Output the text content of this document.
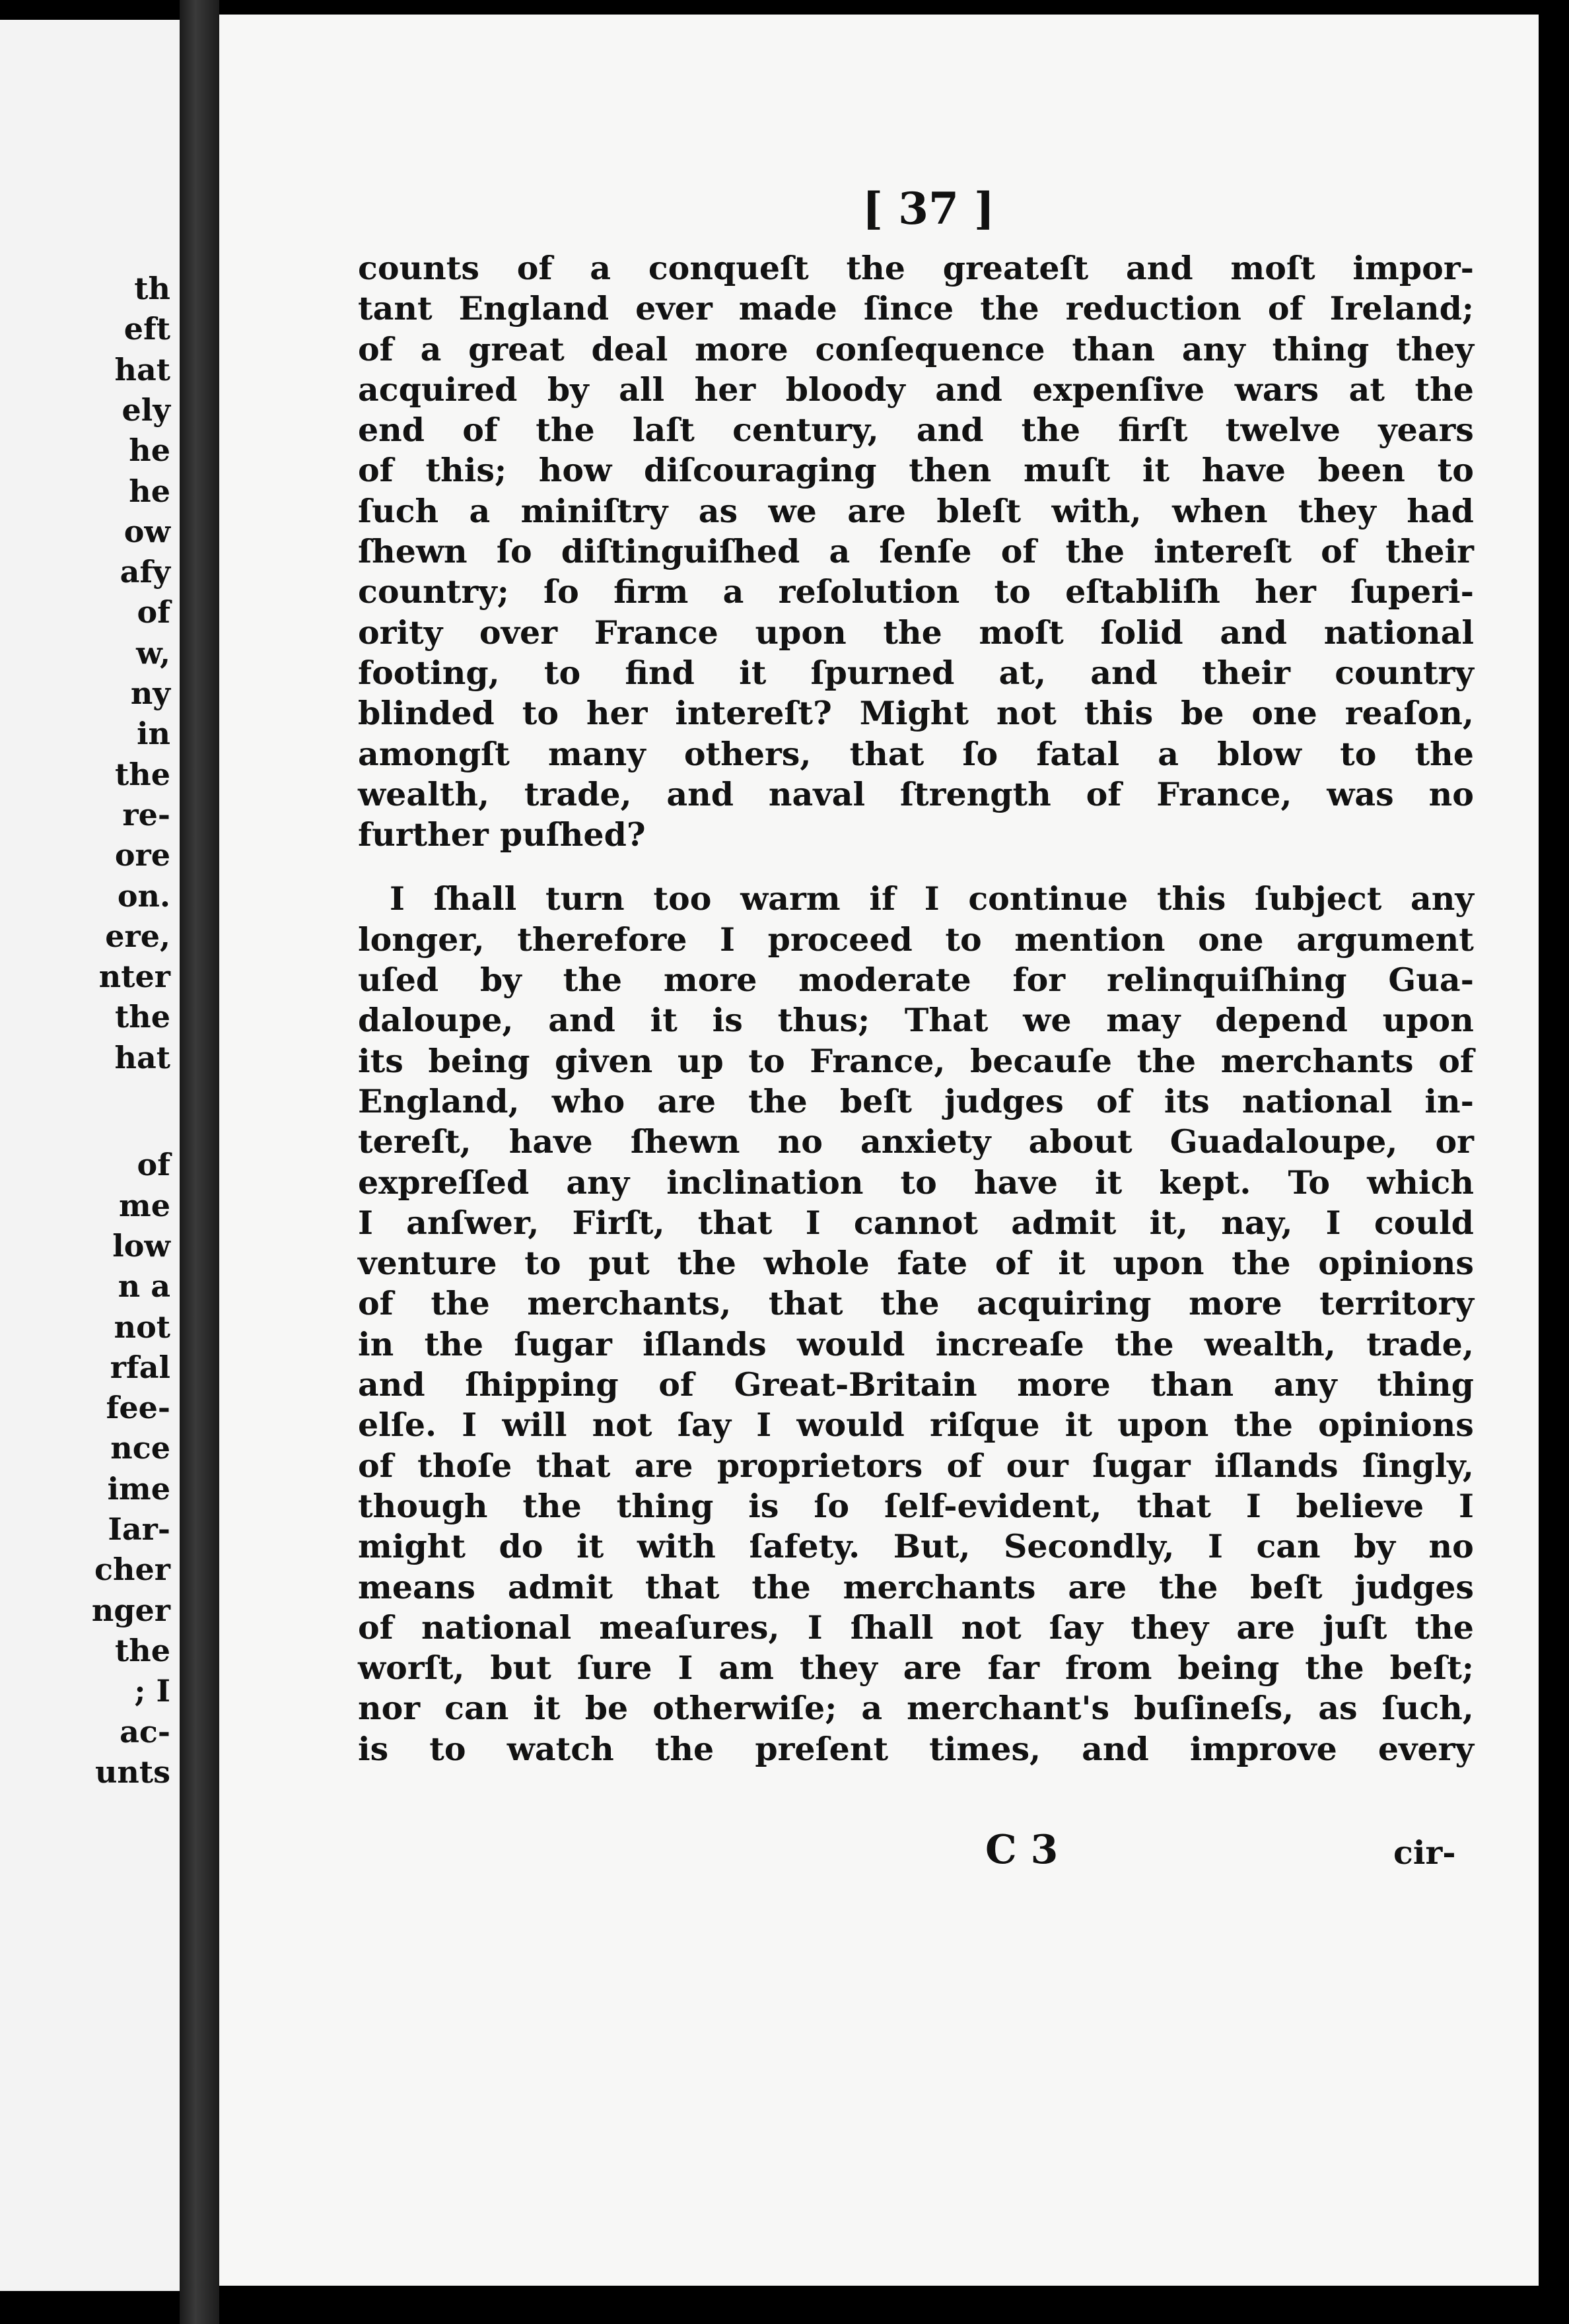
th
eft
hat
ely
he
he
ow
afy
of
w,
ny
in
the
re-
ore
on.
ere,
nter
the
hat
of
me
low
n a
not
rfal
fee-
nce
ime
Iar-
cher
nger
the
; I
ac-
unts
[ 37 ]
counts of a conqueſt the greateſt and moſt impor-
tant England ever made ſince the reduction of Ireland;
of a great deal more conſequence than any thing they
acquired by all her bloody and expenſive wars at the
end of the laſt century, and the firſt twelve years
of this; how diſcouraging then muſt it have been to
ſuch a miniſtry as we are bleſt with, when they had
ſhewn ſo diſtinguiſhed a ſenſe of the intereſt of their
country; ſo firm a reſolution to eſtabliſh her ſuperi-
ority over France upon the moſt ſolid and national
footing, to find it ſpurned at, and their country
blinded to her intereſt? Might not this be one reaſon,
amongſt many others, that ſo fatal a blow to the
wealth, trade, and naval ſtrength of France, was no
further puſhed?
I ſhall turn too warm if I continue this ſubject any
longer, therefore I proceed to mention one argument
uſed by the more moderate for relinquiſhing Gua-
daloupe, and it is thus; That we may depend upon
its being given up to France, becauſe the merchants of
England, who are the beſt judges of its national in-
tereſt, have ſhewn no anxiety about Guadaloupe, or
expreſſed any inclination to have it kept. To which
I anſwer, Firſt, that I cannot admit it, nay, I could
venture to put the whole fate of it upon the opinions
of the merchants, that the acquiring more territory
in the ſugar iſlands would increaſe the wealth, trade,
and ſhipping of Great-Britain more than any thing
elſe. I will not ſay I would riſque it upon the opinions
of thoſe that are proprietors of our ſugar iſlands ſingly,
though the thing is ſo ſelf-evident, that I believe I
might do it with ſafety. But, Secondly, I can by no
means admit that the merchants are the beſt judges
of national meaſures, I ſhall not ſay they are juſt the
worſt, but ſure I am they are far from being the beſt;
nor can it be otherwiſe; a merchant's buſineſs, as ſuch,
is to watch the preſent times, and improve every
C 3	cir-
